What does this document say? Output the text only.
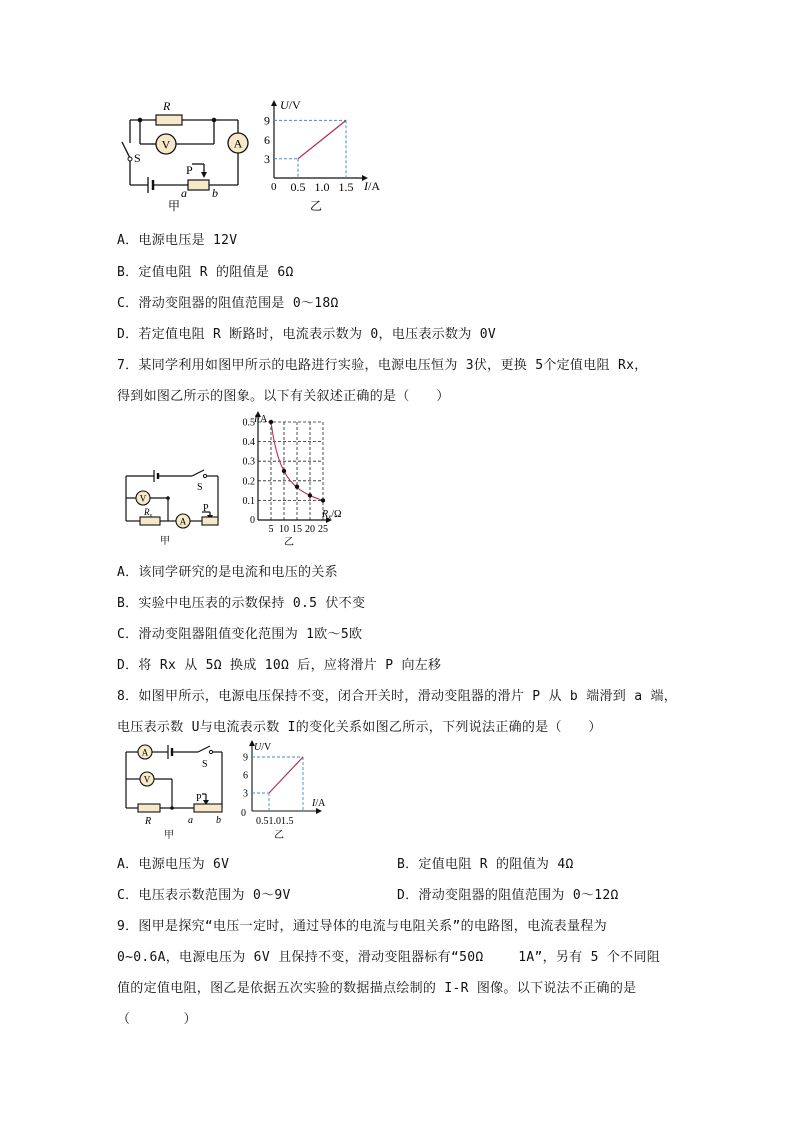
V	A
R
S
P
a b
甲
U/V
I/A
0
3
6
9
0.5 1.0 1.5
乙
A．电源电压是 12V
B．定值电阻 R 的阻值是 6Ω
C．滑动变阻器的阻值范围是 0～18Ω
D．若定值电阻 R 断路时，电流表示数为 0，电压表示数为 0V
7．某同学利用如图甲所示的电路进行实验，电源电压恒为 3伏，更换 5个定值电阻 Rx，
得到如图乙所示的图象。以下有关叙述正确的是（　　）
V
A
S
P
$R_x$
甲
0.5
0.4
0.3
0.2
0.1
0
5 10 15 20 25
I/A
$R_x/\Omega$
乙
A．该同学研究的是电流和电压的关系
B．实验中电压表的示数保持 0.5 伏不变
C．滑动变阻器阻值变化范围为 1欧～5欧
D．将 Rx 从 5Ω 换成 10Ω 后，应将滑片 P 向左移
8．如图甲所示，电源电压保持不变，闭合开关时，滑动变阻器的滑片 P 从 b 端滑到 a 端，
电压表示数 U与电流表示数 I的变化关系如图乙所示，下列说法正确的是（　　）
A
V
S
P
R	a b
甲
U/V
I/A
0
3
6
9
0.51.01.5
乙
A．电源电压为 6V	B．定值电阻 R 的阻值为 4Ω
C．电压表示数范围为 0～9V	D．滑动变阻器的阻值范围为 0～12Ω
9．图甲是探究“电压一定时，通过导体的电流与电阻关系”的电路图，电流表量程为
0~0.6A，电源电压为 6V 且保持不变，滑动变阻器标有“50Ω　　 1A”，另有 5 个不同阻
值的定值电阻，图乙是依据五次实验的数据描点绘制的 I-R 图像。以下说法不正确的是
（　　　　）
